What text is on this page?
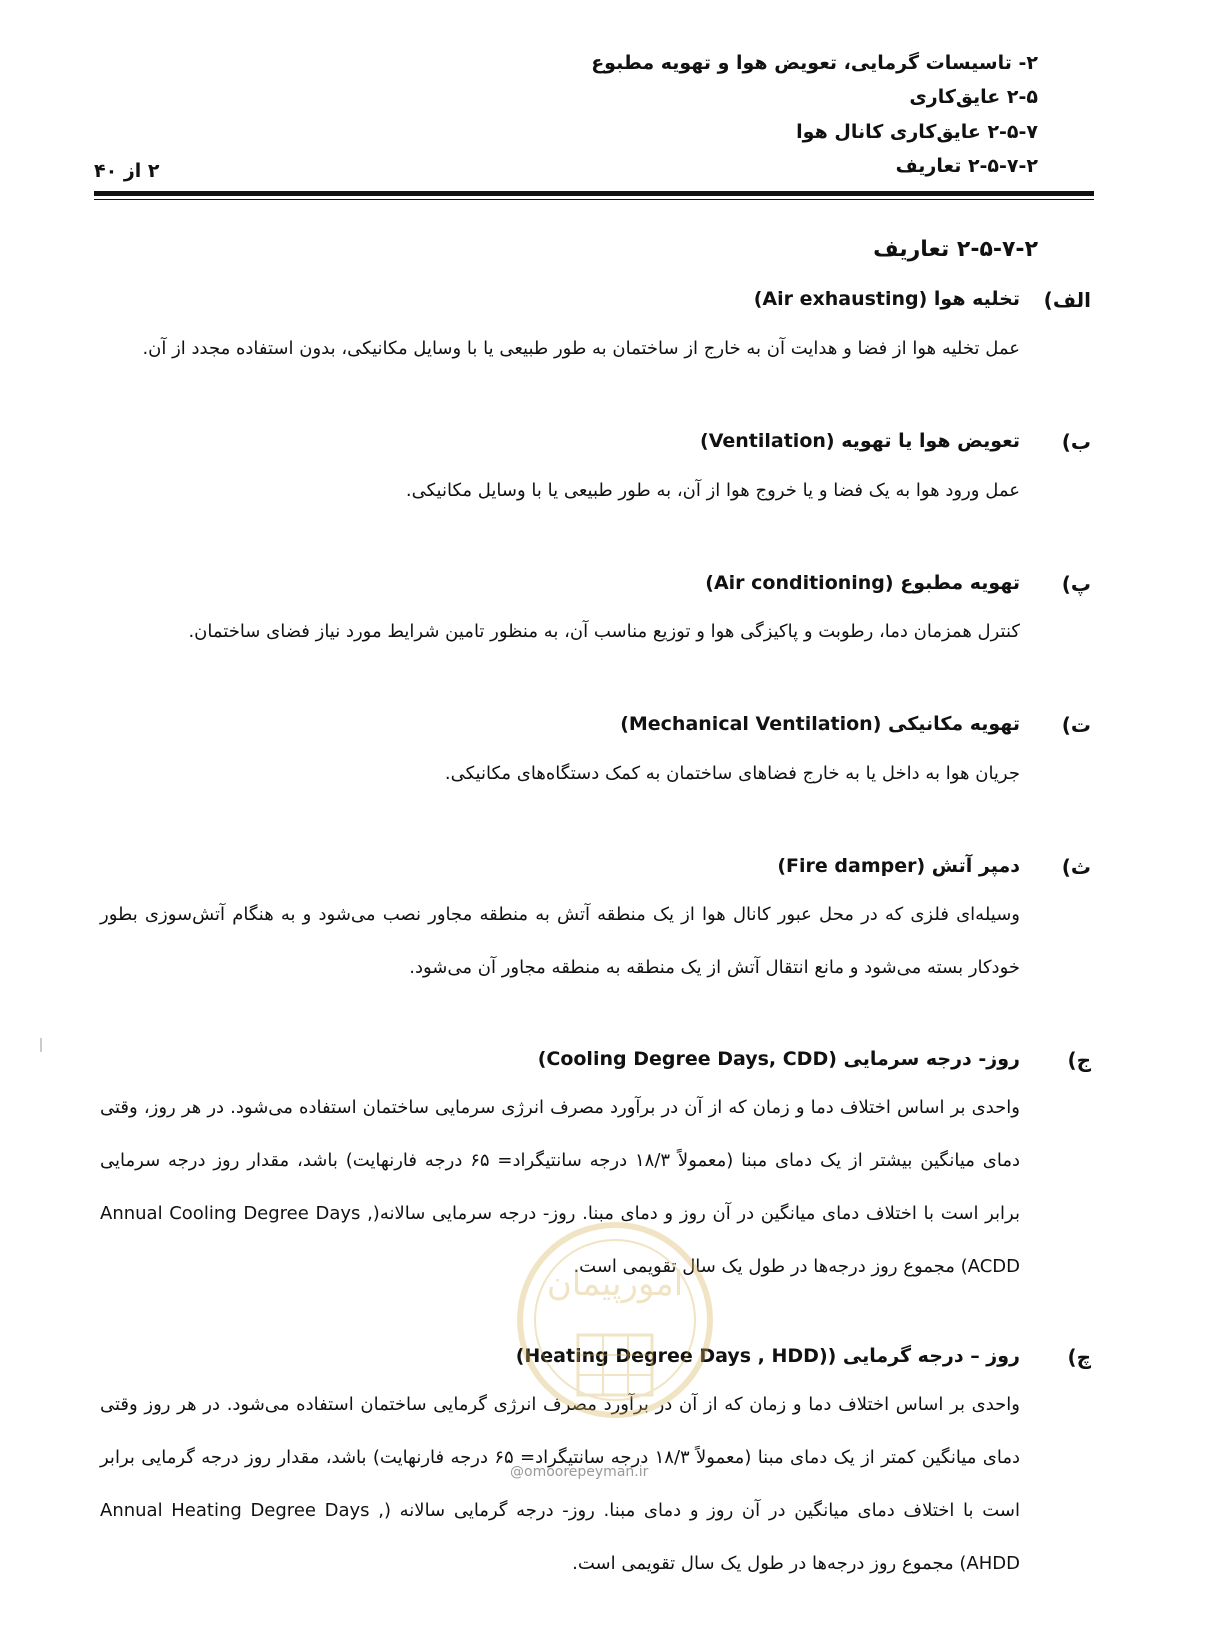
۲- تاسیسات گرمایی، تعویض هوا و تهویه مطبوع
۲-۵ عایق‌کاری
۲-۵-۷ عایق‌کاری کانال هوا
۲-۵-۷-۲ تعاریف
۲ از ۴۰
۲-۵-۷-۲ تعاریف
الف)
تخلیه هوا (Air exhausting)
عمل تخلیه هوا از فضا و هدایت آن به خارج از ساختمان به طور طبیعی یا با وسایل مکانیکی، بدون استفاده مجدد از آن.
ب)
تعویض هوا یا تهویه (Ventilation)
عمل ورود هوا به یک فضا و یا خروج هوا از آن، به طور طبیعی یا با وسایل مکانیکی.
پ)
تهویه مطبوع (Air conditioning)
کنترل همزمان دما، رطوبت و پاکیزگی هوا و توزیع مناسب آن، به منظور تامین شرایط مورد نیاز فضای ساختمان.
ت)
تهویه مکانیکی (Mechanical Ventilation)
جریان هوا به داخل یا به خارج فضاهای ساختمان به کمک دستگاه‌های مکانیکی.
ث)
دمپر آتش (Fire damper)
وسیله‌ای فلزی که در محل عبور کانال هوا از یک منطقه آتش به منطقه مجاور نصب می‌شود و به هنگام آتش‌سوزی بطور خودکار بسته می‌شود و مانع انتقال آتش از یک منطقه به منطقه مجاور آن می‌شود.
ج)
روز- درجه سرمایی (Cooling Degree Days, CDD)
واحدی بر اساس اختلاف دما و زمان که از آن در برآورد مصرف انرژی سرمایی ساختمان استفاده می‌شود. در هر روز، وقتی دمای میانگین بیشتر از یک دمای مبنا (معمولاً ۱۸/۳ درجه سانتیگراد= ۶۵ درجه فارنهایت) باشد، مقدار روز درجه سرمایی برابر است با اختلاف دمای میانگین در آن روز و دمای مبنا. روز- درجه سرمایی سالانه(Annual Cooling Degree Days , ACDD) مجموع روز درجه‌ها در طول یک سال تقویمی است.
چ)
روز – درجه گرمایی ((Heating Degree Days , HDD)
واحدی بر اساس اختلاف دما و زمان که از آن در برآورد مصرف انرژی گرمایی ساختمان استفاده می‌شود. در هر روز وقتی دمای میانگین کمتر از یک دمای مبنا (معمولاً ۱۸/۳ درجه سانتیگراد= ۶۵ درجه فارنهایت) باشد، مقدار روز درجه گرمایی برابر است با اختلاف دمای میانگین در آن روز و دمای مبنا. روز- درجه گرمایی سالانه (Annual Heating Degree Days , AHDD) مجموع روز درجه‌ها در طول یک سال تقویمی است.
امورپیمان
@omoorepeyman.ir
